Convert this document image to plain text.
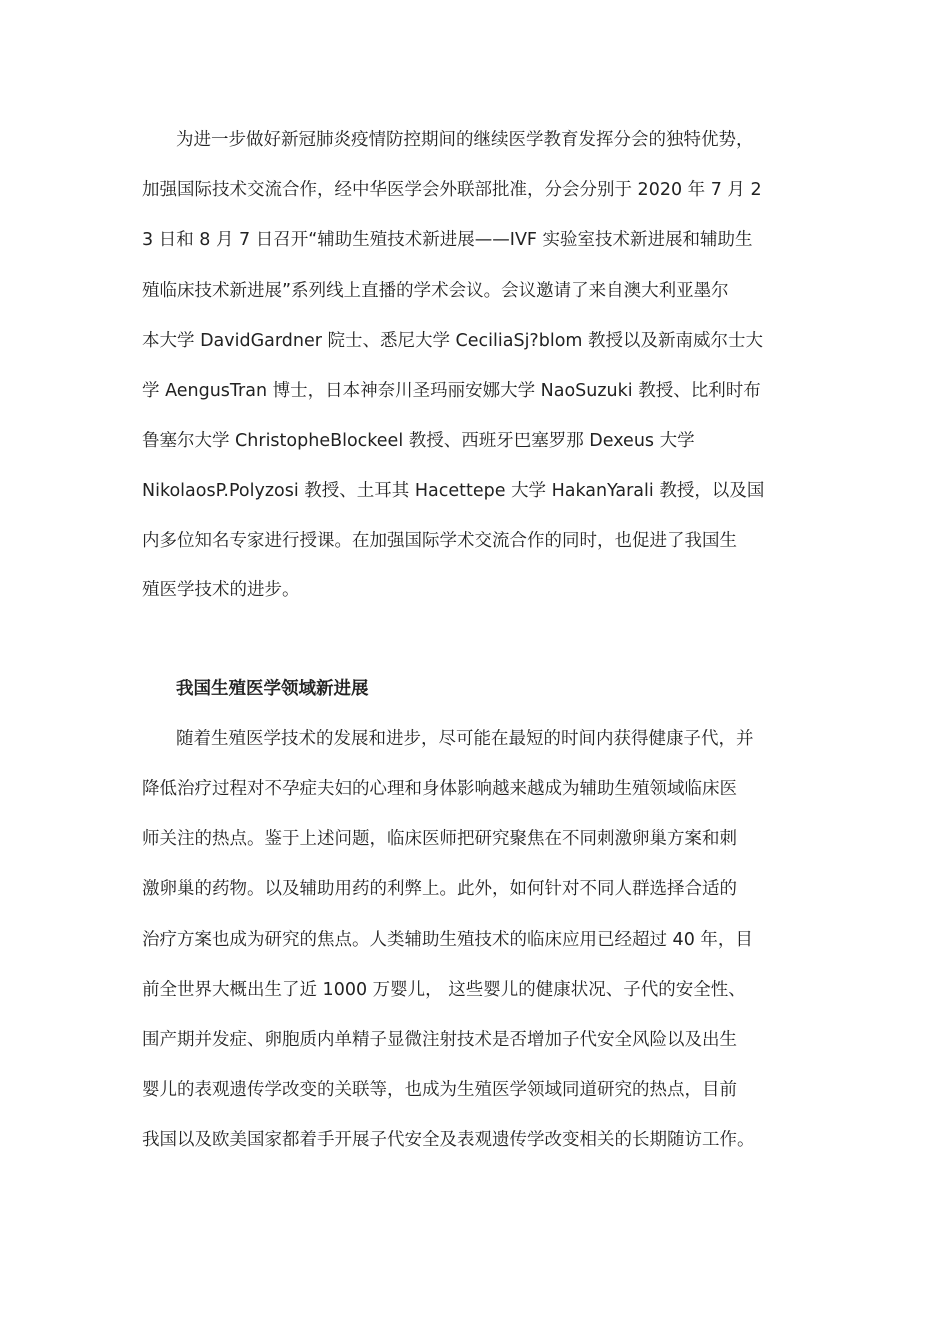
为进一步做好新冠肺炎疫情防控期间的继续医学教育发挥分会的独特优势，
加强国际技术交流合作，经中华医学会外联部批准，分会分别于 2020 年 7 月 2
3 日和 8 月 7 日召开“辅助生殖技术新进展——IVF 实验室技术新进展和辅助生
殖临床技术新进展”系列线上直播的学术会议。会议邀请了来自澳大利亚墨尔
本大学 DavidGardner 院士、悉尼大学 CeciliaSj?blom 教授以及新南威尔士大
学 AengusTran 博士，日本神奈川圣玛丽安娜大学 NaoSuzuki 教授、比利时布
鲁塞尔大学 ChristopheBlockeel 教授、西班牙巴塞罗那 Dexeus 大学
NikolaosP.Polyzosi 教授、土耳其 Hacettepe 大学 HakanYarali 教授，以及国
内多位知名专家进行授课。在加强国际学术交流合作的同时，也促进了我国生
殖医学技术的进步。
我国生殖医学领域新进展
随着生殖医学技术的发展和进步，尽可能在最短的时间内获得健康子代，并
降低治疗过程对不孕症夫妇的心理和身体影响越来越成为辅助生殖领域临床医
师关注的热点。鉴于上述问题，临床医师把研究聚焦在不同刺激卵巢方案和刺
激卵巢的药物。以及辅助用药的利弊上。此外，如何针对不同人群选择合适的
治疗方案也成为研究的焦点。人类辅助生殖技术的临床应用已经超过 40 年，目
前全世界大概出生了近 1000 万婴儿， 这些婴儿的健康状况、子代的安全性、
围产期并发症、卵胞质内单精子显微注射技术是否增加子代安全风险以及出生
婴儿的表观遗传学改变的关联等，也成为生殖医学领域同道研究的热点，目前
我国以及欧美国家都着手开展子代安全及表观遗传学改变相关的长期随访工作。
